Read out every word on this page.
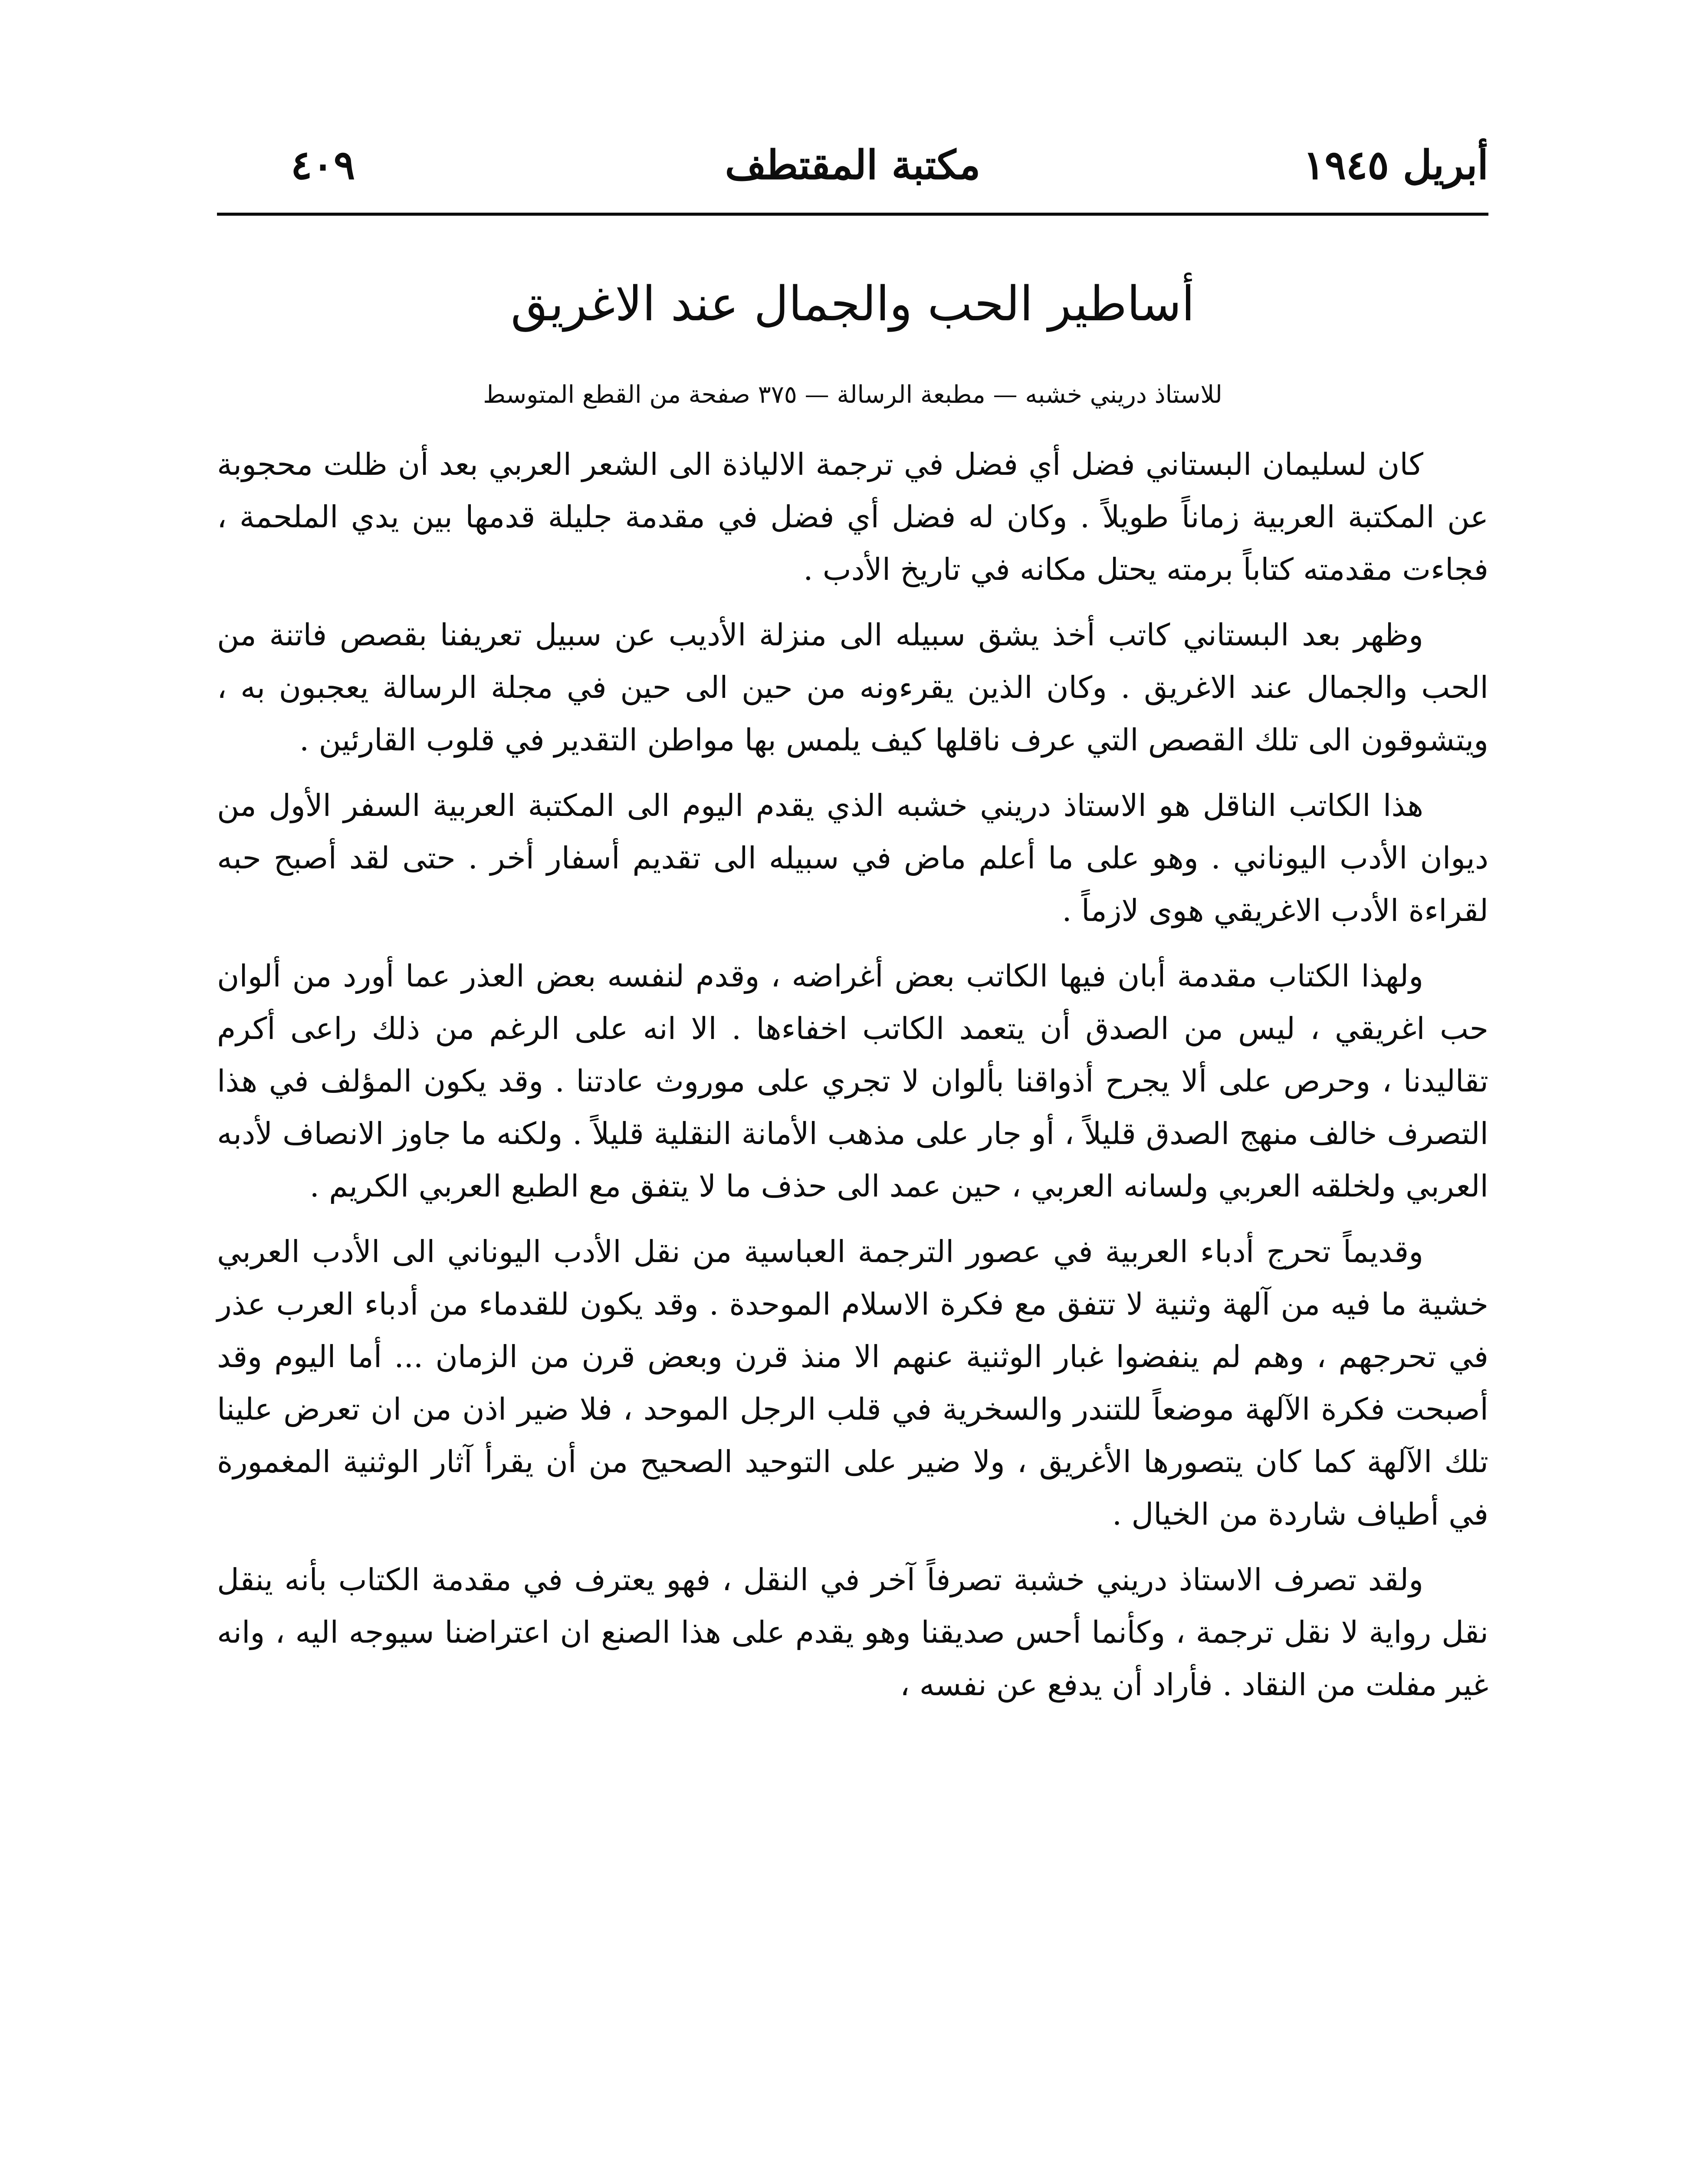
أبريل ١٩٤٥
مكتبة المقتطف
٤٠٩
أساطير الحب والجمال عند الاغريق
للاستاذ دريني خشبه — مطبعة الرسالة — ٣٧٥ صفحة من القطع المتوسط

كان لسليمان البستاني فضل أي فضل في ترجمة الالياذة الى الشعر العربي بعد أن ظلت محجوبة عن المكتبة العربية زماناً طويلاً . وكان له فضل أي فضل في مقدمة جليلة قدمها بين يدي الملحمة ، فجاءت مقدمته كتاباً برمته يحتل مكانه في تاريخ الأدب .

وظهر بعد البستاني كاتب أخذ يشق سبيله الى منزلة الأديب عن سبيل تعريفنا بقصص فاتنة من الحب والجمال عند الاغريق . وكان الذين يقرءونه من حين الى حين في مجلة الرسالة يعجبون به ، ويتشوقون الى تلك القصص التي عرف ناقلها كيف يلمس بها مواطن التقدير في قلوب القارئين .

هذا الكاتب الناقل هو الاستاذ دريني خشبه الذي يقدم اليوم الى المكتبة العربية السفر الأول من ديوان الأدب اليوناني . وهو على ما أعلم ماض في سبيله الى تقديم أسفار أخر . حتى لقد أصبح حبه لقراءة الأدب الاغريقي هوى لازماً .

ولهذا الكتاب مقدمة أبان فيها الكاتب بعض أغراضه ، وقدم لنفسه بعض العذر عما أورد من ألوان حب اغريقي ، ليس من الصدق أن يتعمد الكاتب اخفاءها . الا انه على الرغم من ذلك راعى أكرم تقاليدنا ، وحرص على ألا يجرح أذواقنا بألوان لا تجري على موروث عادتنا . وقد يكون المؤلف في هذا التصرف خالف منهج الصدق قليلاً ، أو جار على مذهب الأمانة النقلية قليلاً . ولكنه ما جاوز الانصاف لأدبه العربي ولخلقه العربي ولسانه العربي ، حين عمد الى حذف ما لا يتفق مع الطبع العربي الكريم .

وقديماً تحرج أدباء العربية في عصور الترجمة العباسية من نقل الأدب اليوناني الى الأدب العربي خشية ما فيه من آلهة وثنية لا تتفق مع فكرة الاسلام الموحدة . وقد يكون للقدماء من أدباء العرب عذر في تحرجهم ، وهم لم ينفضوا غبار الوثنية عنهم الا منذ قرن وبعض قرن من الزمان ... أما اليوم وقد أصبحت فكرة الآلهة موضعاً للتندر والسخرية في قلب الرجل الموحد ، فلا ضير اذن من ان تعرض علينا تلك الآلهة كما كان يتصورها الأغريق ، ولا ضير على التوحيد الصحيح من أن يقرأ آثار الوثنية المغمورة في أطياف شاردة من الخيال .

ولقد تصرف الاستاذ دريني خشبة تصرفاً آخر في النقل ، فهو يعترف في مقدمة الكتاب بأنه ينقل نقل رواية لا نقل ترجمة ، وكأنما أحس صديقنا وهو يقدم على هذا الصنع ان اعتراضنا سيوجه اليه ، وانه غير مفلت من النقاد . فأراد أن يدفع عن نفسه ،
